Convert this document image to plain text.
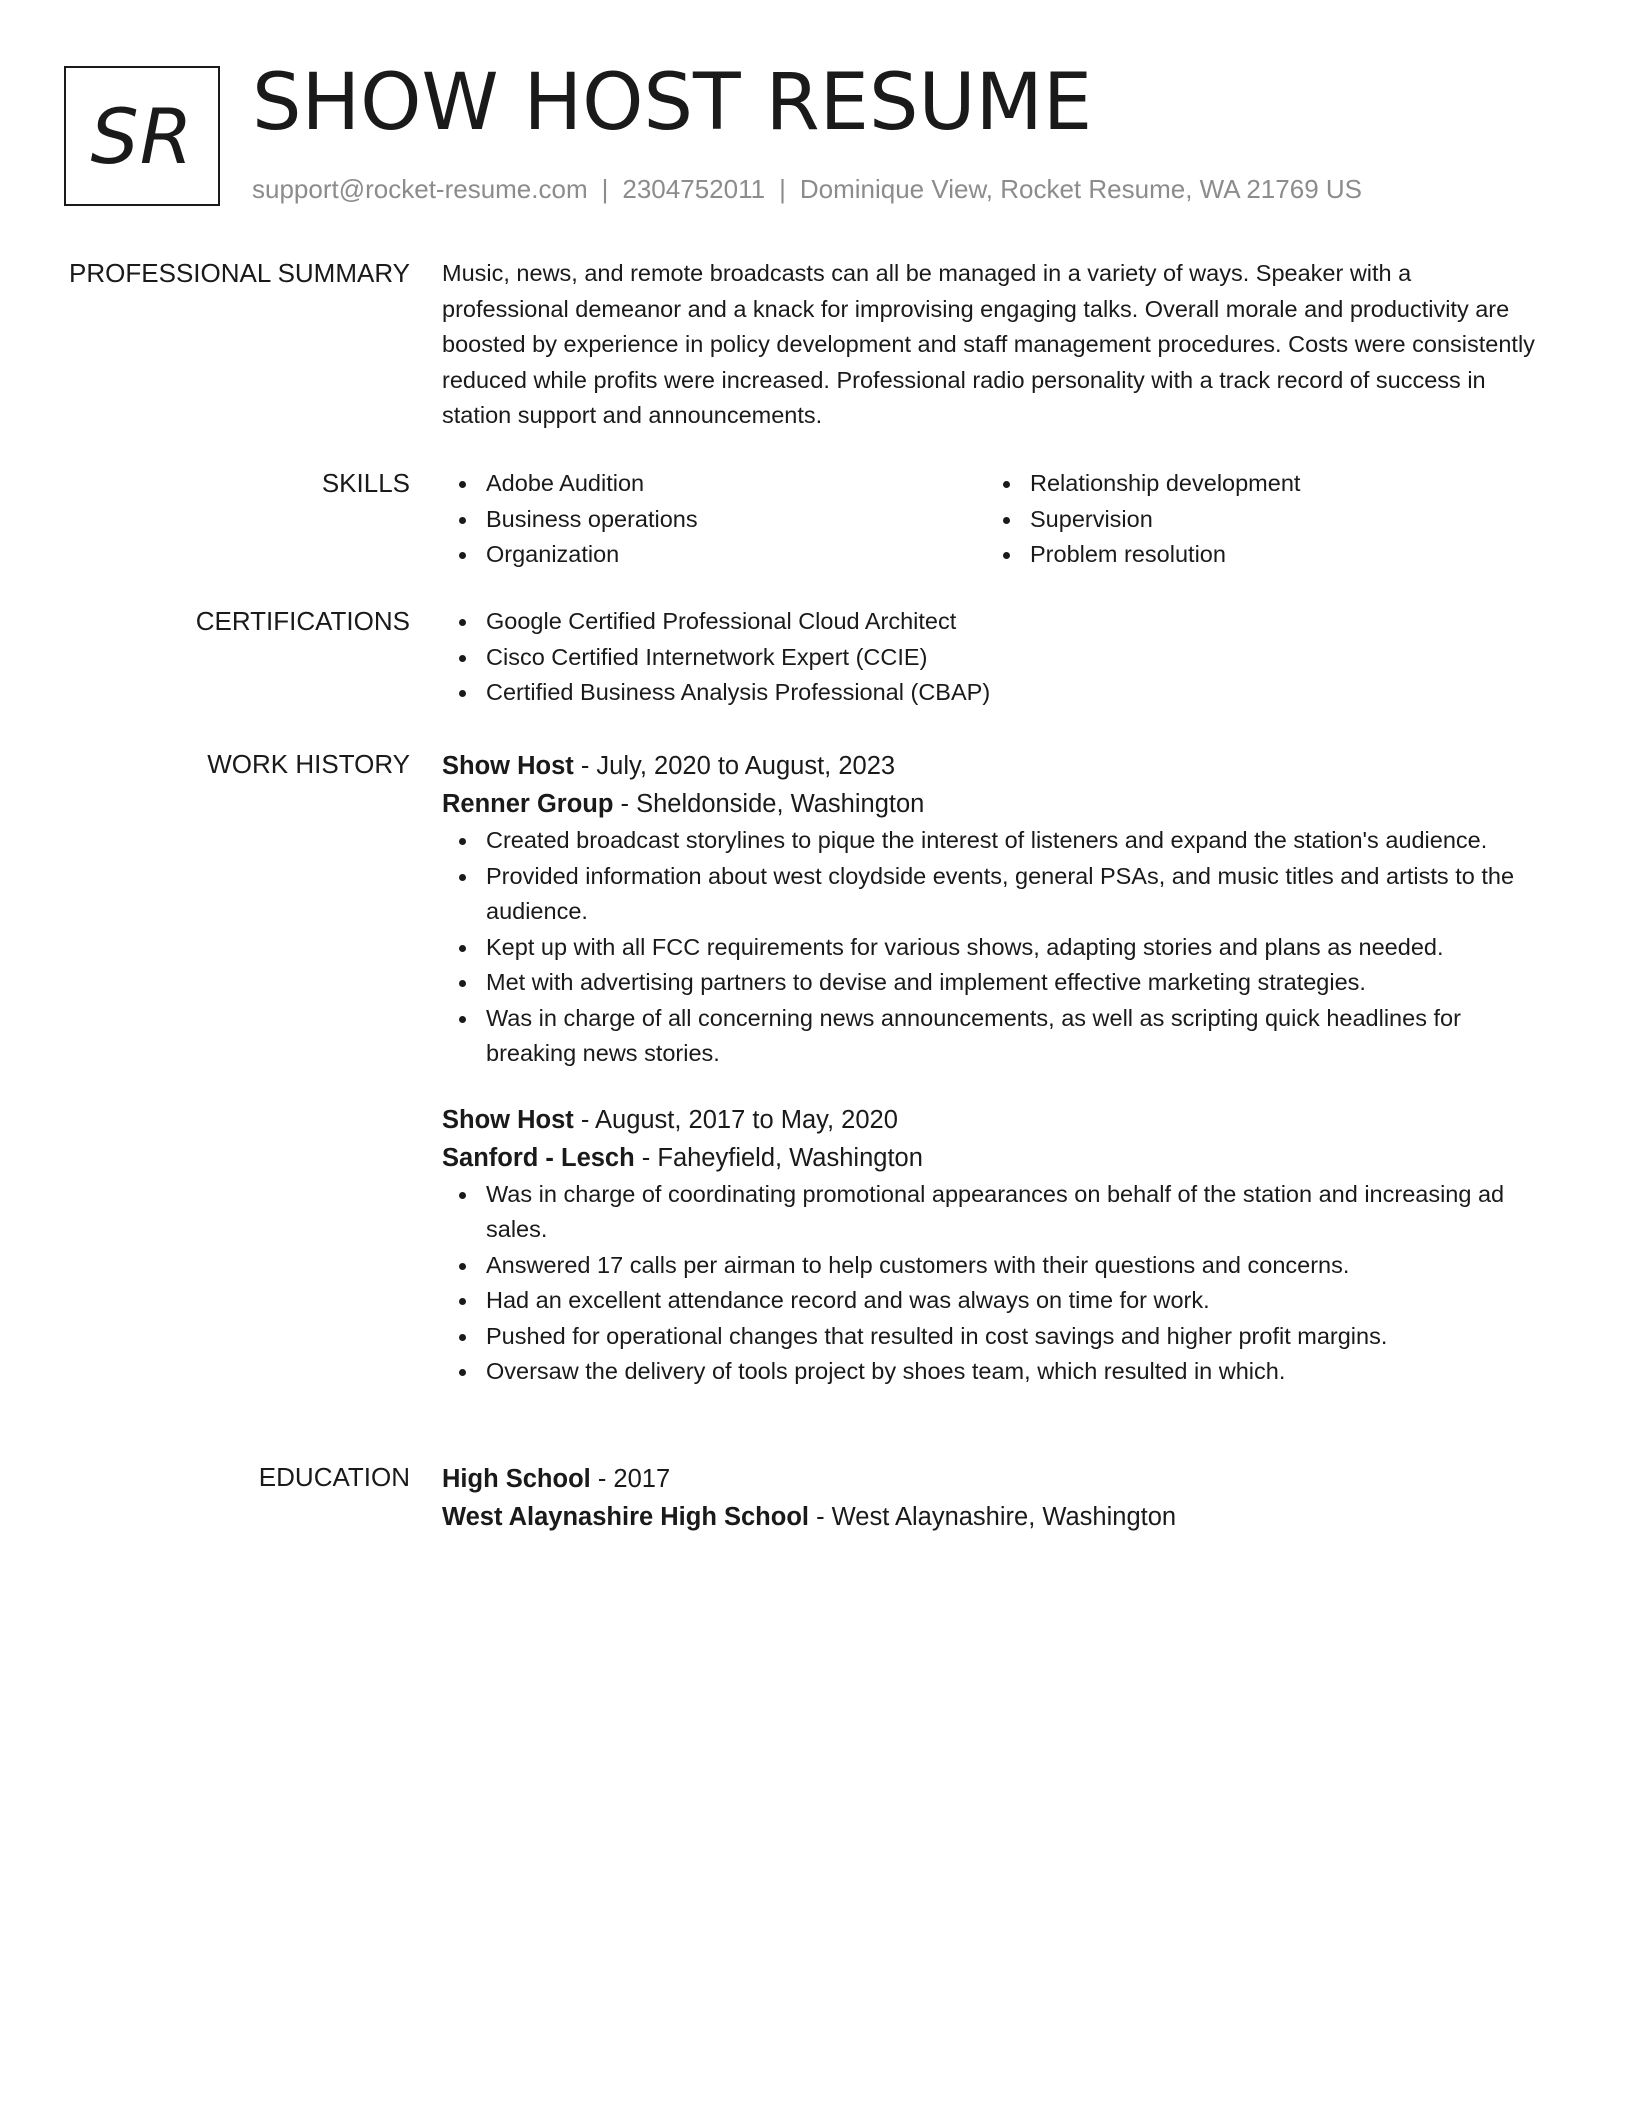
SR SHOW HOST RESUME
support@rocket-resume.com | 2304752011 | Dominique View, Rocket Resume, WA 21769 US
PROFESSIONAL SUMMARY Music, news, and remote broadcasts can all be managed in a variety of ways. Speaker with a professional demeanor and a knack for improvising engaging talks. Overall morale and productivity are boosted by experience in policy development and staff management procedures. Costs were consistently reduced while profits were increased. Professional radio personality with a track record of success in station support and announcements.

SKILLS	Adobe Audition
Business operations
Organization
Relationship development
Supervision
Problem resolution
CERTIFICATIONS	Google Certified Professional Cloud Architect
Cisco Certified Internetwork Expert (CCIE)
Certified Business Analysis Professional (CBAP)
WORK HISTORY Show Host - July, 2020 to August, 2023
Renner Group - Sheldonside, Washington
Created broadcast storylines to pique the interest of listeners and expand the station's audience.
Provided information about west cloydside events, general PSAs, and music titles and artists to the audience.
Kept up with all FCC requirements for various shows, adapting stories and plans as needed.
Met with advertising partners to devise and implement effective marketing strategies.
Was in charge of all concerning news announcements, as well as scripting quick headlines for breaking news stories.
Show Host - August, 2017 to May, 2020
Sanford - Lesch - Faheyfield, Washington
Was in charge of coordinating promotional appearances on behalf of the station and increasing ad sales.
Answered 17 calls per airman to help customers with their questions and concerns.
Had an excellent attendance record and was always on time for work.
Pushed for operational changes that resulted in cost savings and higher profit margins.
Oversaw the delivery of tools project by shoes team, which resulted in which.
EDUCATION High School - 2017
West Alaynashire High School - West Alaynashire, Washington
